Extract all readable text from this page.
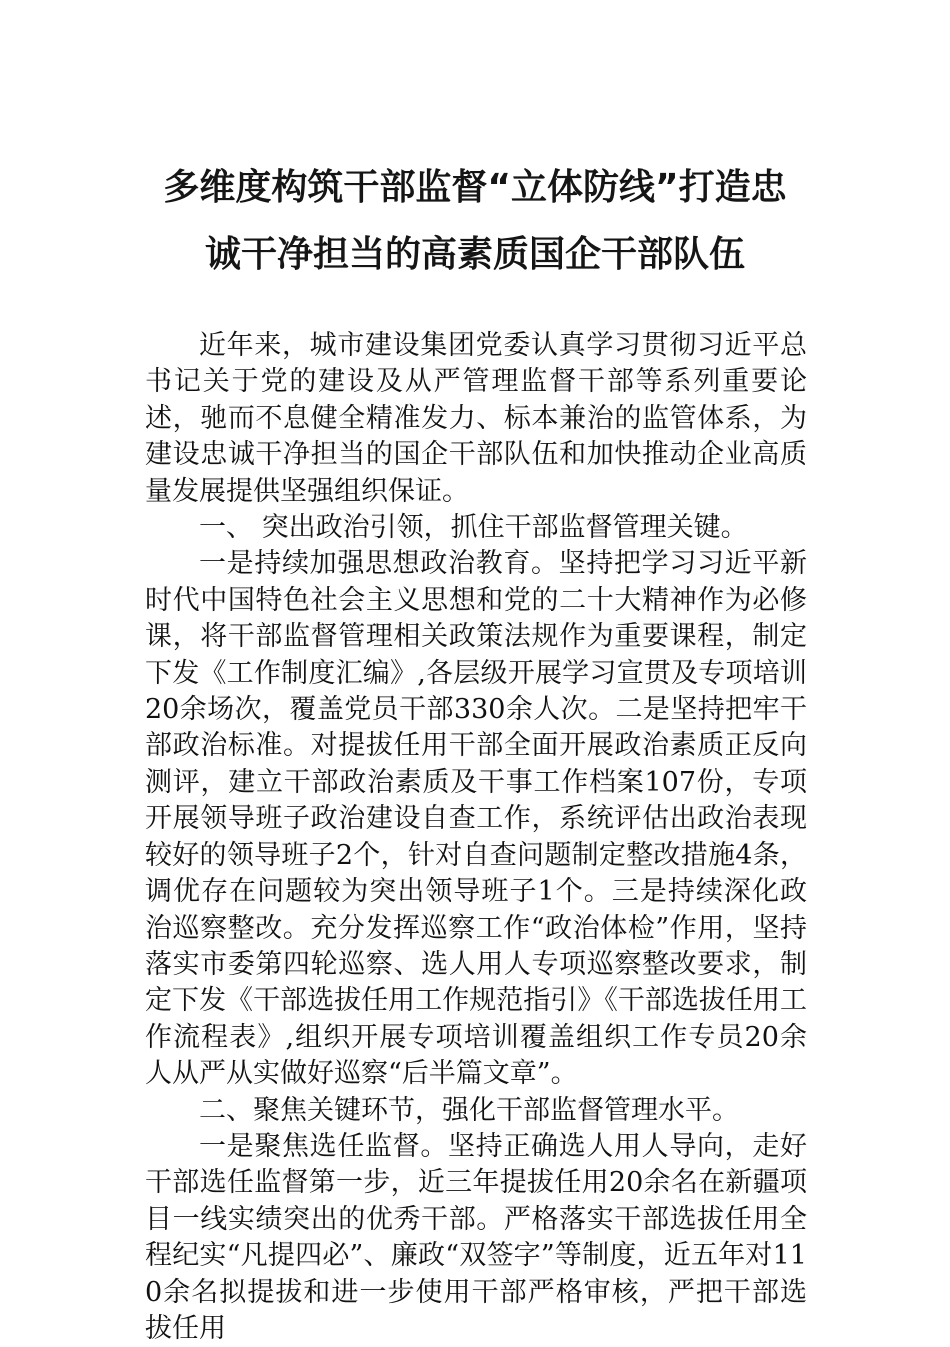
多维度构筑干部监督“立体防线”打造忠
诚干净担当的高素质国企干部队伍

近年来，城市建设集团党委认真学习贯彻习近平总书记关于党的建设及从严管理监督干部等系列重要论述，驰而不息健全精准发力、标本兼治的监管体系，为建设忠诚干净担当的国企干部队伍和加快推动企业高质量发展提供坚强组织保证。

一、 突出政治引领，抓住干部监督管理关键。

一是持续加强思想政治教育。坚持把学习习近平新时代中国特色社会主义思想和党的二十大精神作为必修课，将干部监督管理相关政策法规作为重要课程，制定下发《工作制度汇编》,各层级开展学习宣贯及专项培训20余场次，覆盖党员干部330余人次。二是坚持把牢干部政治标准。对提拔任用干部全面开展政治素质正反向测评，建立干部政治素质及干事工作档案107份，专项开展领导班子政治建设自查工作，系统评估出政治表现较好的领导班子2个，针对自查问题制定整改措施4条，调优存在问题较为突出领导班子1个。三是持续深化政治巡察整改。充分发挥巡察工作“政治体检”作用，坚持落实市委第四轮巡察、选人用人专项巡察整改要求，制定下发《干部选拔任用工作规范指引》《干部选拔任用工作流程表》,组织开展专项培训覆盖组织工作专员20余人从严从实做好巡察“后半篇文章”。

二、聚焦关键环节，强化干部监督管理水平。

一是聚焦选任监督。坚持正确选人用人导向，走好干部选任监督第一步，近三年提拔任用20余名在新疆项目一线实绩突出的优秀干部。严格落实干部选拔任用全程纪实“凡提四必”、廉政“双签字”等制度，近五年对110余名拟提拔和进一步使用干部严格审核，严把干部选拔任用
